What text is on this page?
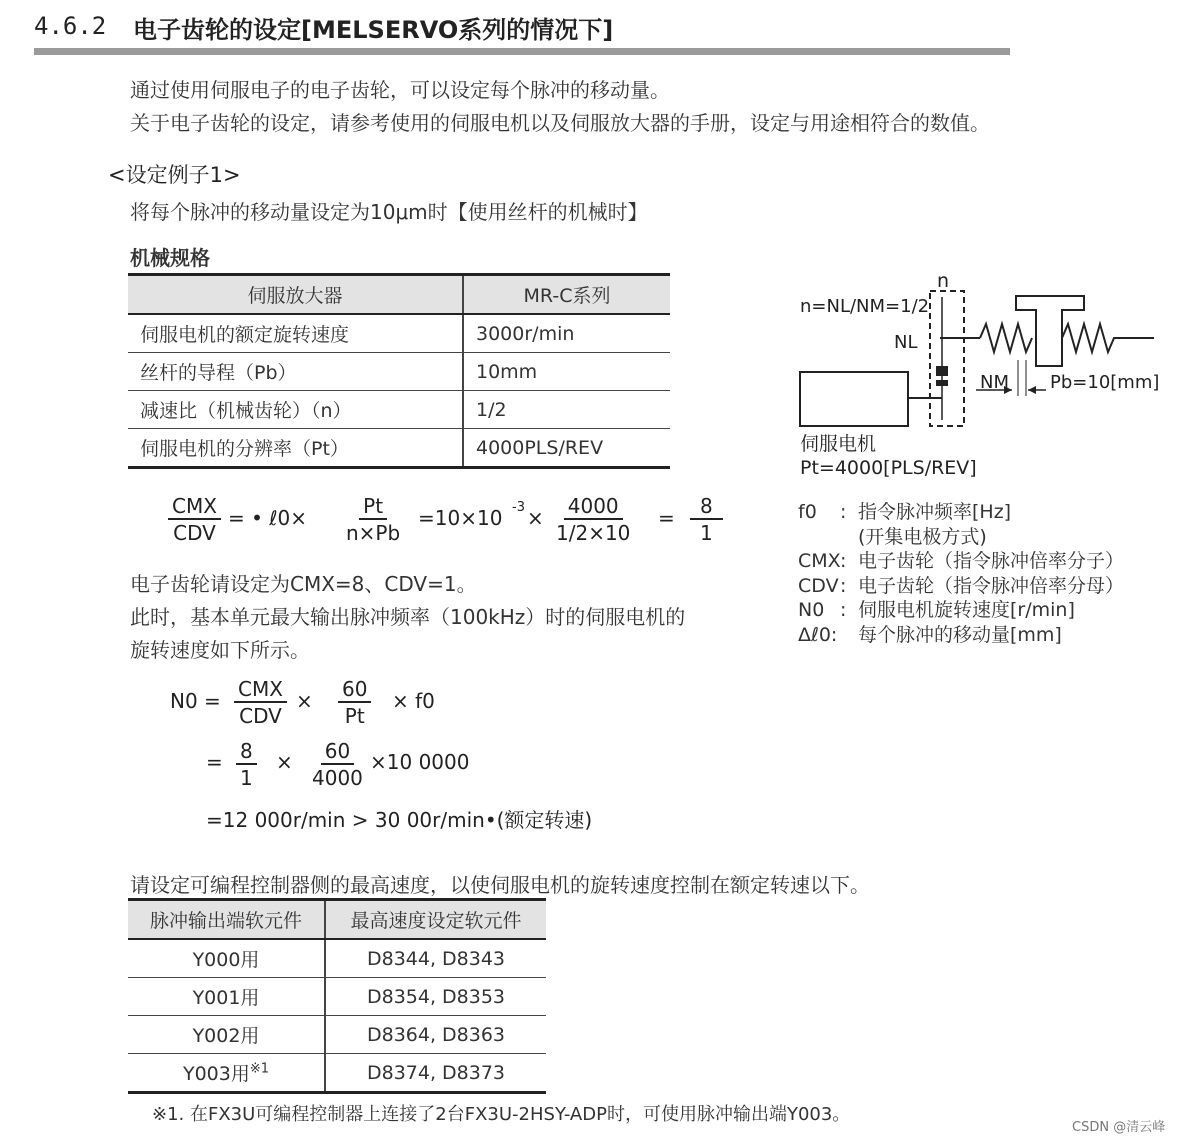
4.6.2 电子齿轮的设定[MELSERVO系列的情况下]
通过使用伺服电子的电子齿轮，可以设定每个脉冲的移动量。
关于电子齿轮的设定，请参考使用的伺服电机以及伺服放大器的手册，设定与用途相符合的数值。
<设定例子1>
将每个脉冲的移动量设定为10μm时【使用丝杆的机械时】
机械规格
伺服放大器	MR-C系列
伺服电机的额定旋转速度	3000r/min
丝杆的导程（Pb）	10mm
减速比（机械齿轮）（n）	1/2
伺服电机的分辨率（Pt）	4000PLS/REV
n
n=NL/NM=1/2
NL
NM Pb=10[mm]
伺服电机
Pt=4000[PLS/REV]
CMX
CDV
= • ℓ0× $\frac{Pt}{n\times Pb} =10\times 10$ $-3 \times \frac{4000}{1/2\times 10} = \frac{8}{1}$	f0 : 指令脉冲频率[Hz]
(开集电极方式)
CMX: 电子齿轮（指令脉冲倍率分子）
CDV: 电子齿轮（指令脉冲倍率分母）
N0 : 伺服电机旋转速度[r/min]
Δℓ0: 每个脉冲的移动量[mm]
电子齿轮请设定为CMX=8、CDV=1。
此时，基本单元最大输出脉冲频率（100kHz）时的伺服电机的
旋转速度如下所示。
N0 = CMX
CDV
× $\frac{60}{Pt} \times f0$
= $\frac{8}{1} \times \frac{60}{4000} \times 10$ 0000
=12 000r/min > 30 00r/min•(额定转速)
请设定可编程控制器侧的最高速度，以使伺服电机的旋转速度控制在额定转速以下。
脉冲输出端软元件	最高速度设定软元件
Y000用	D8344, D8343
Y001用	D8354, D8353
Y002用	D8364, D8363
Y003用$^{※1}$	D8374, D8373
※1. 在FX3U可编程控制器上连接了2台FX3U-2HSY-ADP时，可使用脉冲输出端Y003。
CSDN @清云峰
